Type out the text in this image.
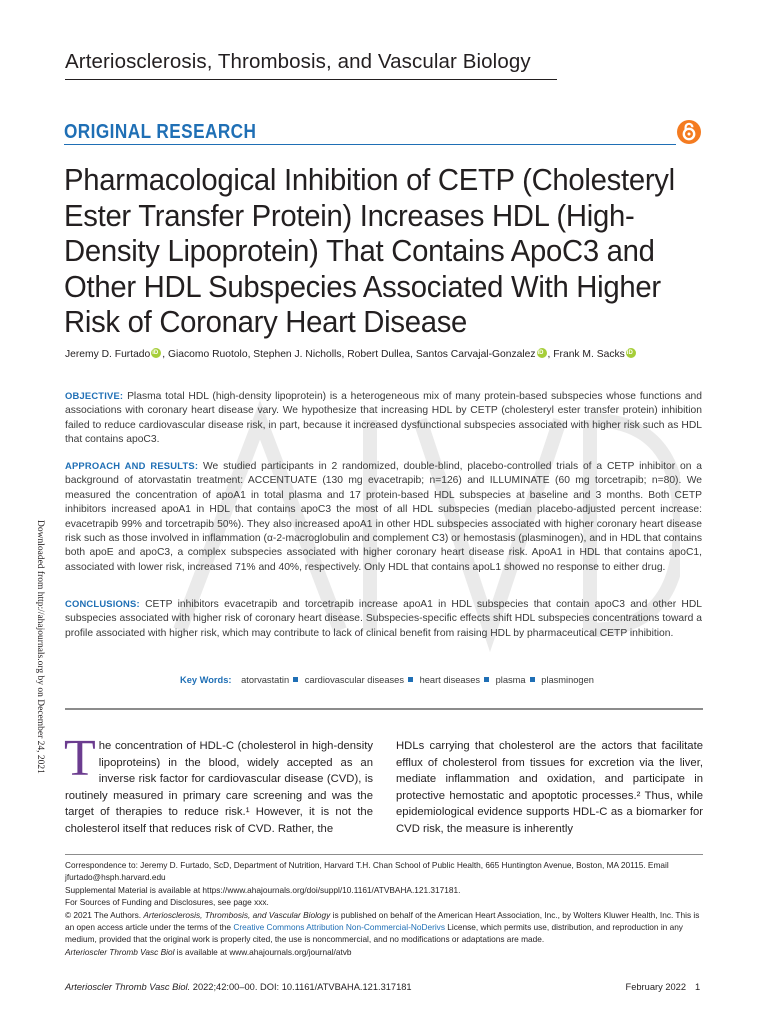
Arteriosclerosis, Thrombosis, and Vascular Biology
ORIGINAL RESEARCH
Pharmacological Inhibition of CETP (Cholesteryl Ester Transfer Protein) Increases HDL (High-Density Lipoprotein) That Contains ApoC3 and Other HDL Subspecies Associated With Higher Risk of Coronary Heart Disease
Jeremy D. Furtado iD , Giacomo Ruotolo, Stephen J. Nicholls, Robert Dullea, Santos Carvajal-Gonzalez iD , Frank M. SacksiD
OBJECTIVE: Plasma total HDL (high-density lipoprotein) is a heterogeneous mix of many protein-based subspecies whose functions and associations with coronary heart disease vary. We hypothesize that increasing HDL by CETP (cholesteryl ester transfer protein) inhibition failed to reduce cardiovascular disease risk, in part, because it increased dysfunctional subspecies associated with higher risk such as HDL that contains apoC3.
APPROACH AND RESULTS: We studied participants in 2 randomized, double-blind, placebo-controlled trials of a CETP inhibitor on a background of atorvastatin treatment: ACCENTUATE (130 mg evacetrapib; n=126) and ILLUMINATE (60 mg torcetrapib; n=80). We measured the concentration of apoA1 in total plasma and 17 protein-based HDL subspecies at baseline and 3 months. Both CETP inhibitors increased apoA1 in HDL that contains apoC3 the most of all HDL subspecies (median placebo-adjusted percent increase: evacetrapib 99% and torcetrapib 50%). They also increased apoA1 in other HDL subspecies associated with higher coronary heart disease risk such as those involved in inflammation (α-2-macroglobulin and complement C3) or hemostasis (plasminogen), and in HDL that contains both apoE and apoC3, a complex subspecies associated with higher coronary heart disease risk. ApoA1 in HDL that contains apoC1, associated with lower risk, increased 71% and 40%, respectively. Only HDL that contains apoL1 showed no response to either drug.
CONCLUSIONS: CETP inhibitors evacetrapib and torcetrapib increase apoA1 in HDL subspecies that contain apoC3 and other HDL subspecies associated with higher risk of coronary heart disease. Subspecies-specific effects shift HDL subspecies concentrations toward a profile associated with higher risk, which may contribute to lack of clinical benefit from raising HDL by pharmaceutical CETP inhibition.
Key Words: atorvastatin cardiovascular diseases heart diseases plasma plasminogen
The concentration of HDL-C (cholesterol in high-density lipoproteins) in the blood, widely accepted as an inverse risk factor for cardiovascular disease (CVD), is routinely measured in primary care screening and was the target of therapies to reduce risk.¹ However, it is not the cholesterol itself that reduces risk of CVD. Rather, the
HDLs carrying that cholesterol are the actors that facilitate efflux of cholesterol from tissues for excretion via the liver, mediate inflammation and oxidation, and participate in protective hemostatic and apoptotic processes.² Thus, while epidemiological evidence supports HDL-C as a biomarker for CVD risk, the measure is inherently

Correspondence to: Jeremy D. Furtado, ScD, Department of Nutrition, Harvard T.H. Chan School of Public Health, 665 Huntington Avenue, Boston, MA 20115. Email jfurtado@hsph.harvard.edu

Supplemental Material is available at https://www.ahajournals.org/doi/suppl/10.1161/ATVBAHA.121.317181.

For Sources of Funding and Disclosures, see page xxx.

© 2021 The Authors. Arteriosclerosis, Thrombosis, and Vascular Biology is published on behalf of the American Heart Association, Inc., by Wolters Kluwer Health, Inc. This is an open access article under the terms of the Creative Commons Attribution Non-Commercial-NoDerivs License, which permits use, distribution, and reproduction in any medium, provided that the original work is properly cited, the use is noncommercial, and no modifications or adaptations are made.

Arterioscler Thromb Vasc Biol is available at www.ahajournals.org/journal/atvb

Arterioscler Thromb Vasc Biol. 2022;42:00–00. DOI: 10.1161/ATVBAHA.121.317181	February 2022 1
Downloaded from http://ahajournals.org by on December 24, 2021
